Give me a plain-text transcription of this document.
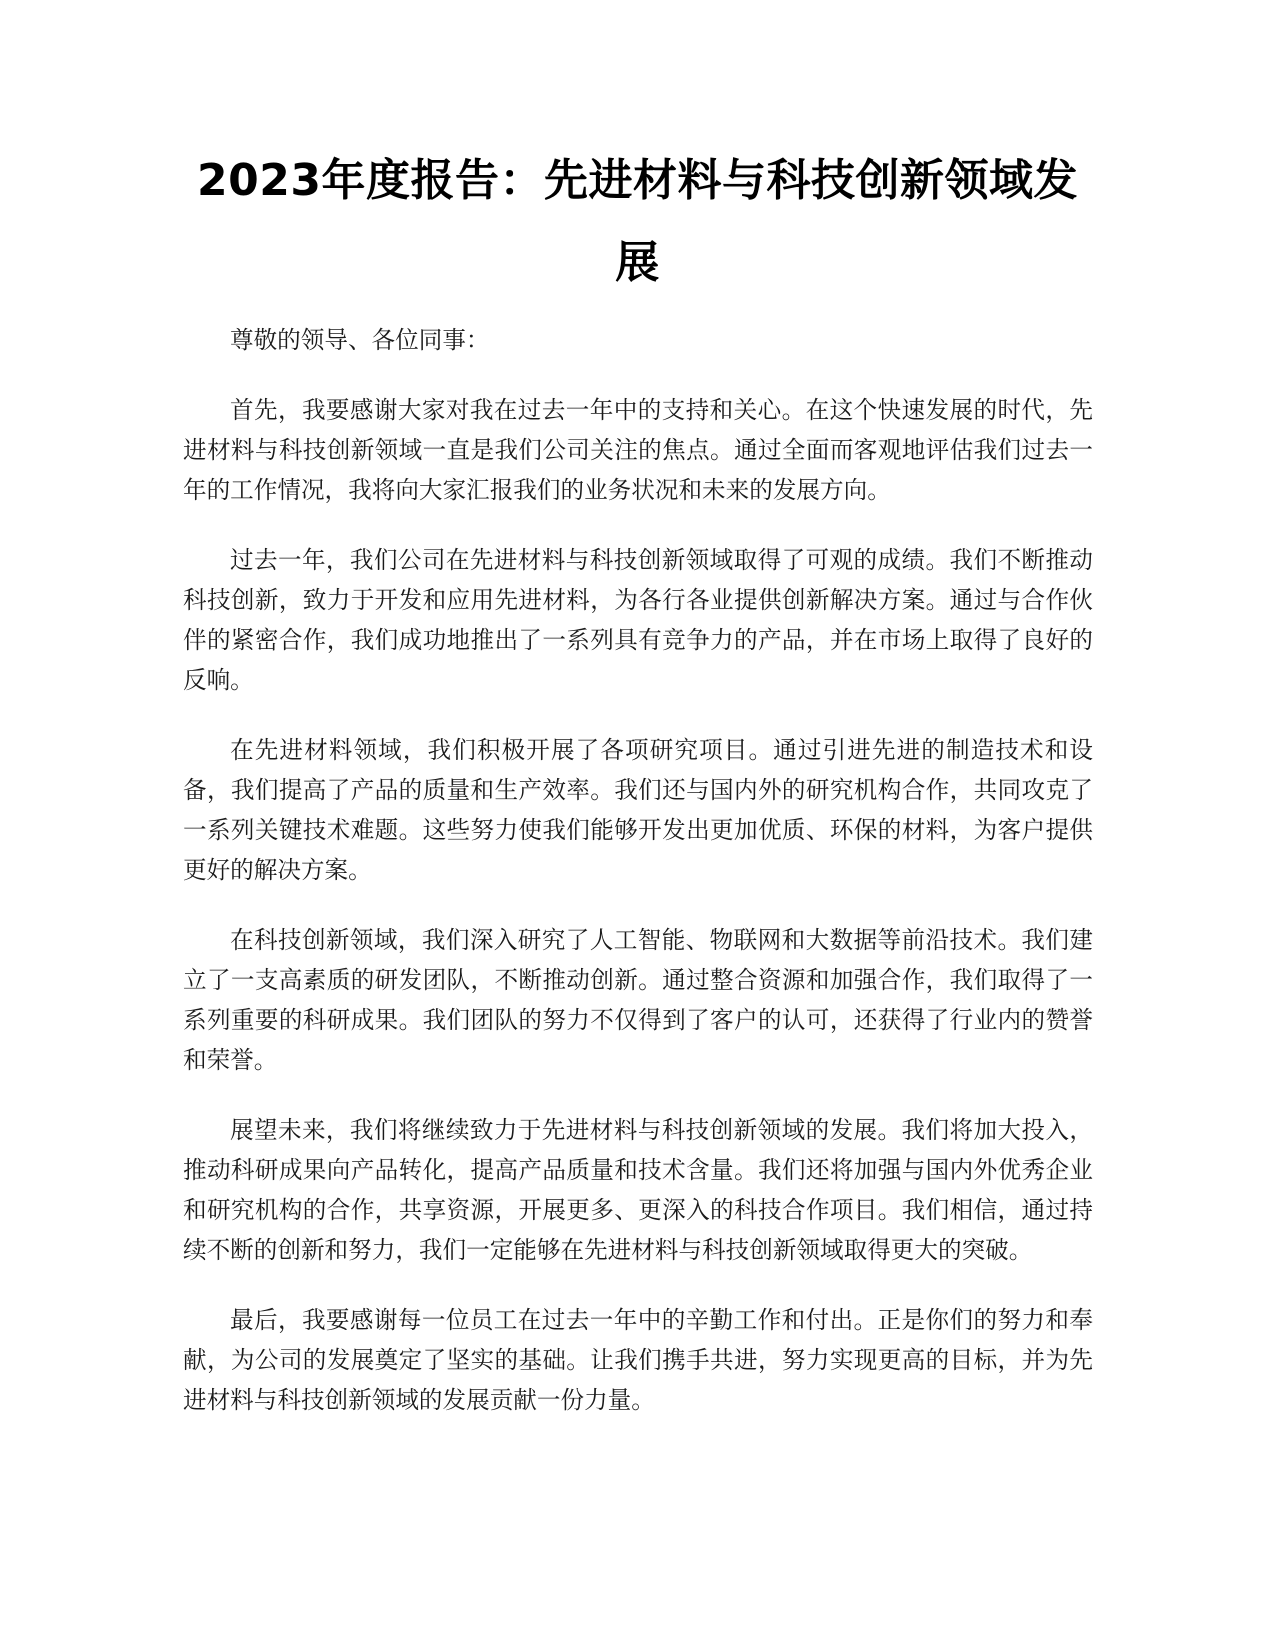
2023年度报告：先进材料与科技创新领域发展

尊敬的领导、各位同事：

首先，我要感谢大家对我在过去一年中的支持和关心。在这个快速发展的时代，先进材料与科技创新领域一直是我们公司关注的焦点。通过全面而客观地评估我们过去一年的工作情况，我将向大家汇报我们的业务状况和未来的发展方向。

过去一年，我们公司在先进材料与科技创新领域取得了可观的成绩。我们不断推动科技创新，致力于开发和应用先进材料，为各行各业提供创新解决方案。通过与合作伙伴的紧密合作，我们成功地推出了一系列具有竞争力的产品，并在市场上取得了良好的反响。

在先进材料领域，我们积极开展了各项研究项目。通过引进先进的制造技术和设备，我们提高了产品的质量和生产效率。我们还与国内外的研究机构合作，共同攻克了一系列关键技术难题。这些努力使我们能够开发出更加优质、环保的材料，为客户提供更好的解决方案。

在科技创新领域，我们深入研究了人工智能、物联网和大数据等前沿技术。我们建立了一支高素质的研发团队，不断推动创新。通过整合资源和加强合作，我们取得了一系列重要的科研成果。我们团队的努力不仅得到了客户的认可，还获得了行业内的赞誉和荣誉。

展望未来，我们将继续致力于先进材料与科技创新领域的发展。我们将加大投入，推动科研成果向产品转化，提高产品质量和技术含量。我们还将加强与国内外优秀企业和研究机构的合作，共享资源，开展更多、更深入的科技合作项目。我们相信，通过持续不断的创新和努力，我们一定能够在先进材料与科技创新领域取得更大的突破。

最后，我要感谢每一位员工在过去一年中的辛勤工作和付出。正是你们的努力和奉献，为公司的发展奠定了坚实的基础。让我们携手共进，努力实现更高的目标，并为先进材料与科技创新领域的发展贡献一份力量。
